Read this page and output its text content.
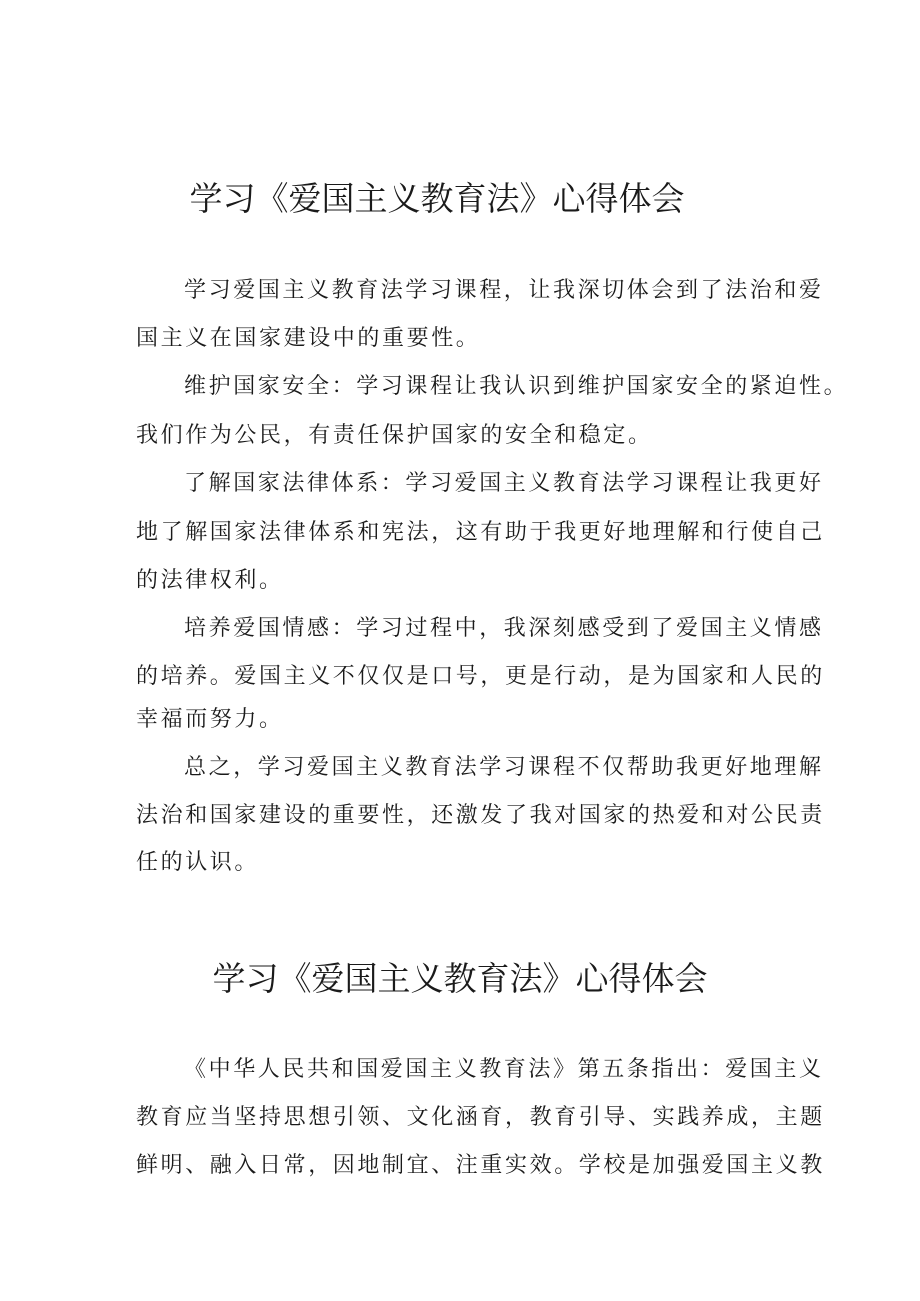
学习《爱国主义教育法》心得体会

学习爱国主义教育法学习课程，让我深切体会到了法治和爱

国主义在国家建设中的重要性。

维护国家安全：学习课程让我认识到维护国家安全的紧迫性。

我们作为公民，有责任保护国家的安全和稳定。

了解国家法律体系：学习爱国主义教育法学习课程让我更好

地了解国家法律体系和宪法，这有助于我更好地理解和行使自己

的法律权利。

培养爱国情感：学习过程中，我深刻感受到了爱国主义情感

的培养。爱国主义不仅仅是口号，更是行动，是为国家和人民的

幸福而努力。

总之，学习爱国主义教育法学习课程不仅帮助我更好地理解

法治和国家建设的重要性，还激发了我对国家的热爱和对公民责

任的认识。

学习《爱国主义教育法》心得体会

《中华人民共和国爱国主义教育法》第五条指出：爱国主义

教育应当坚持思想引领、文化涵育，教育引导、实践养成，主题

鲜明、融入日常，因地制宜、注重实效。学校是加强爱国主义教
